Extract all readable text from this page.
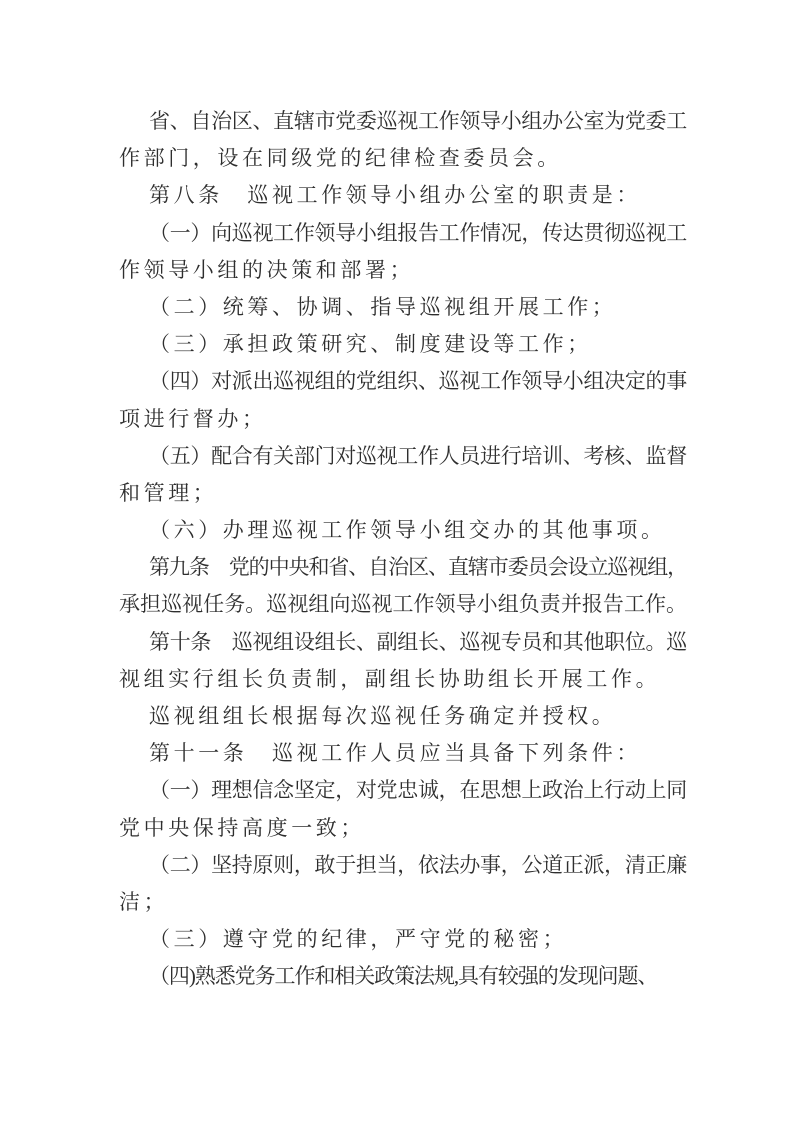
省、自治区、直辖市党委巡视工作领导小组办公室为党委工
作部门，设在同级党的纪律检查委员会。

第八条　巡视工作领导小组办公室的职责是：

（一）向巡视工作领导小组报告工作情况，传达贯彻巡视工
作领导小组的决策和部署；

（二）统筹、协调、指导巡视组开展工作；

（三）承担政策研究、制度建设等工作；

（四）对派出巡视组的党组织、巡视工作领导小组决定的事
项进行督办；

（五）配合有关部门对巡视工作人员进行培训、考核、监督
和管理；

（六）办理巡视工作领导小组交办的其他事项。

第九条　党的中央和省、自治区、直辖市委员会设立巡视组，
承担巡视任务。巡视组向巡视工作领导小组负责并报告工作。

第十条　巡视组设组长、副组长、巡视专员和其他职位。巡
视组实行组长负责制，副组长协助组长开展工作。

巡视组组长根据每次巡视任务确定并授权。

第十一条　巡视工作人员应当具备下列条件：

（一）理想信念坚定，对党忠诚，在思想上政治上行动上同
党中央保持高度一致；

（二）坚持原则，敢于担当，依法办事，公道正派，清正廉
洁；

（三）遵守党的纪律，严守党的秘密；

（四)熟悉党务工作和相关政策法规,具有较强的发现问题、
